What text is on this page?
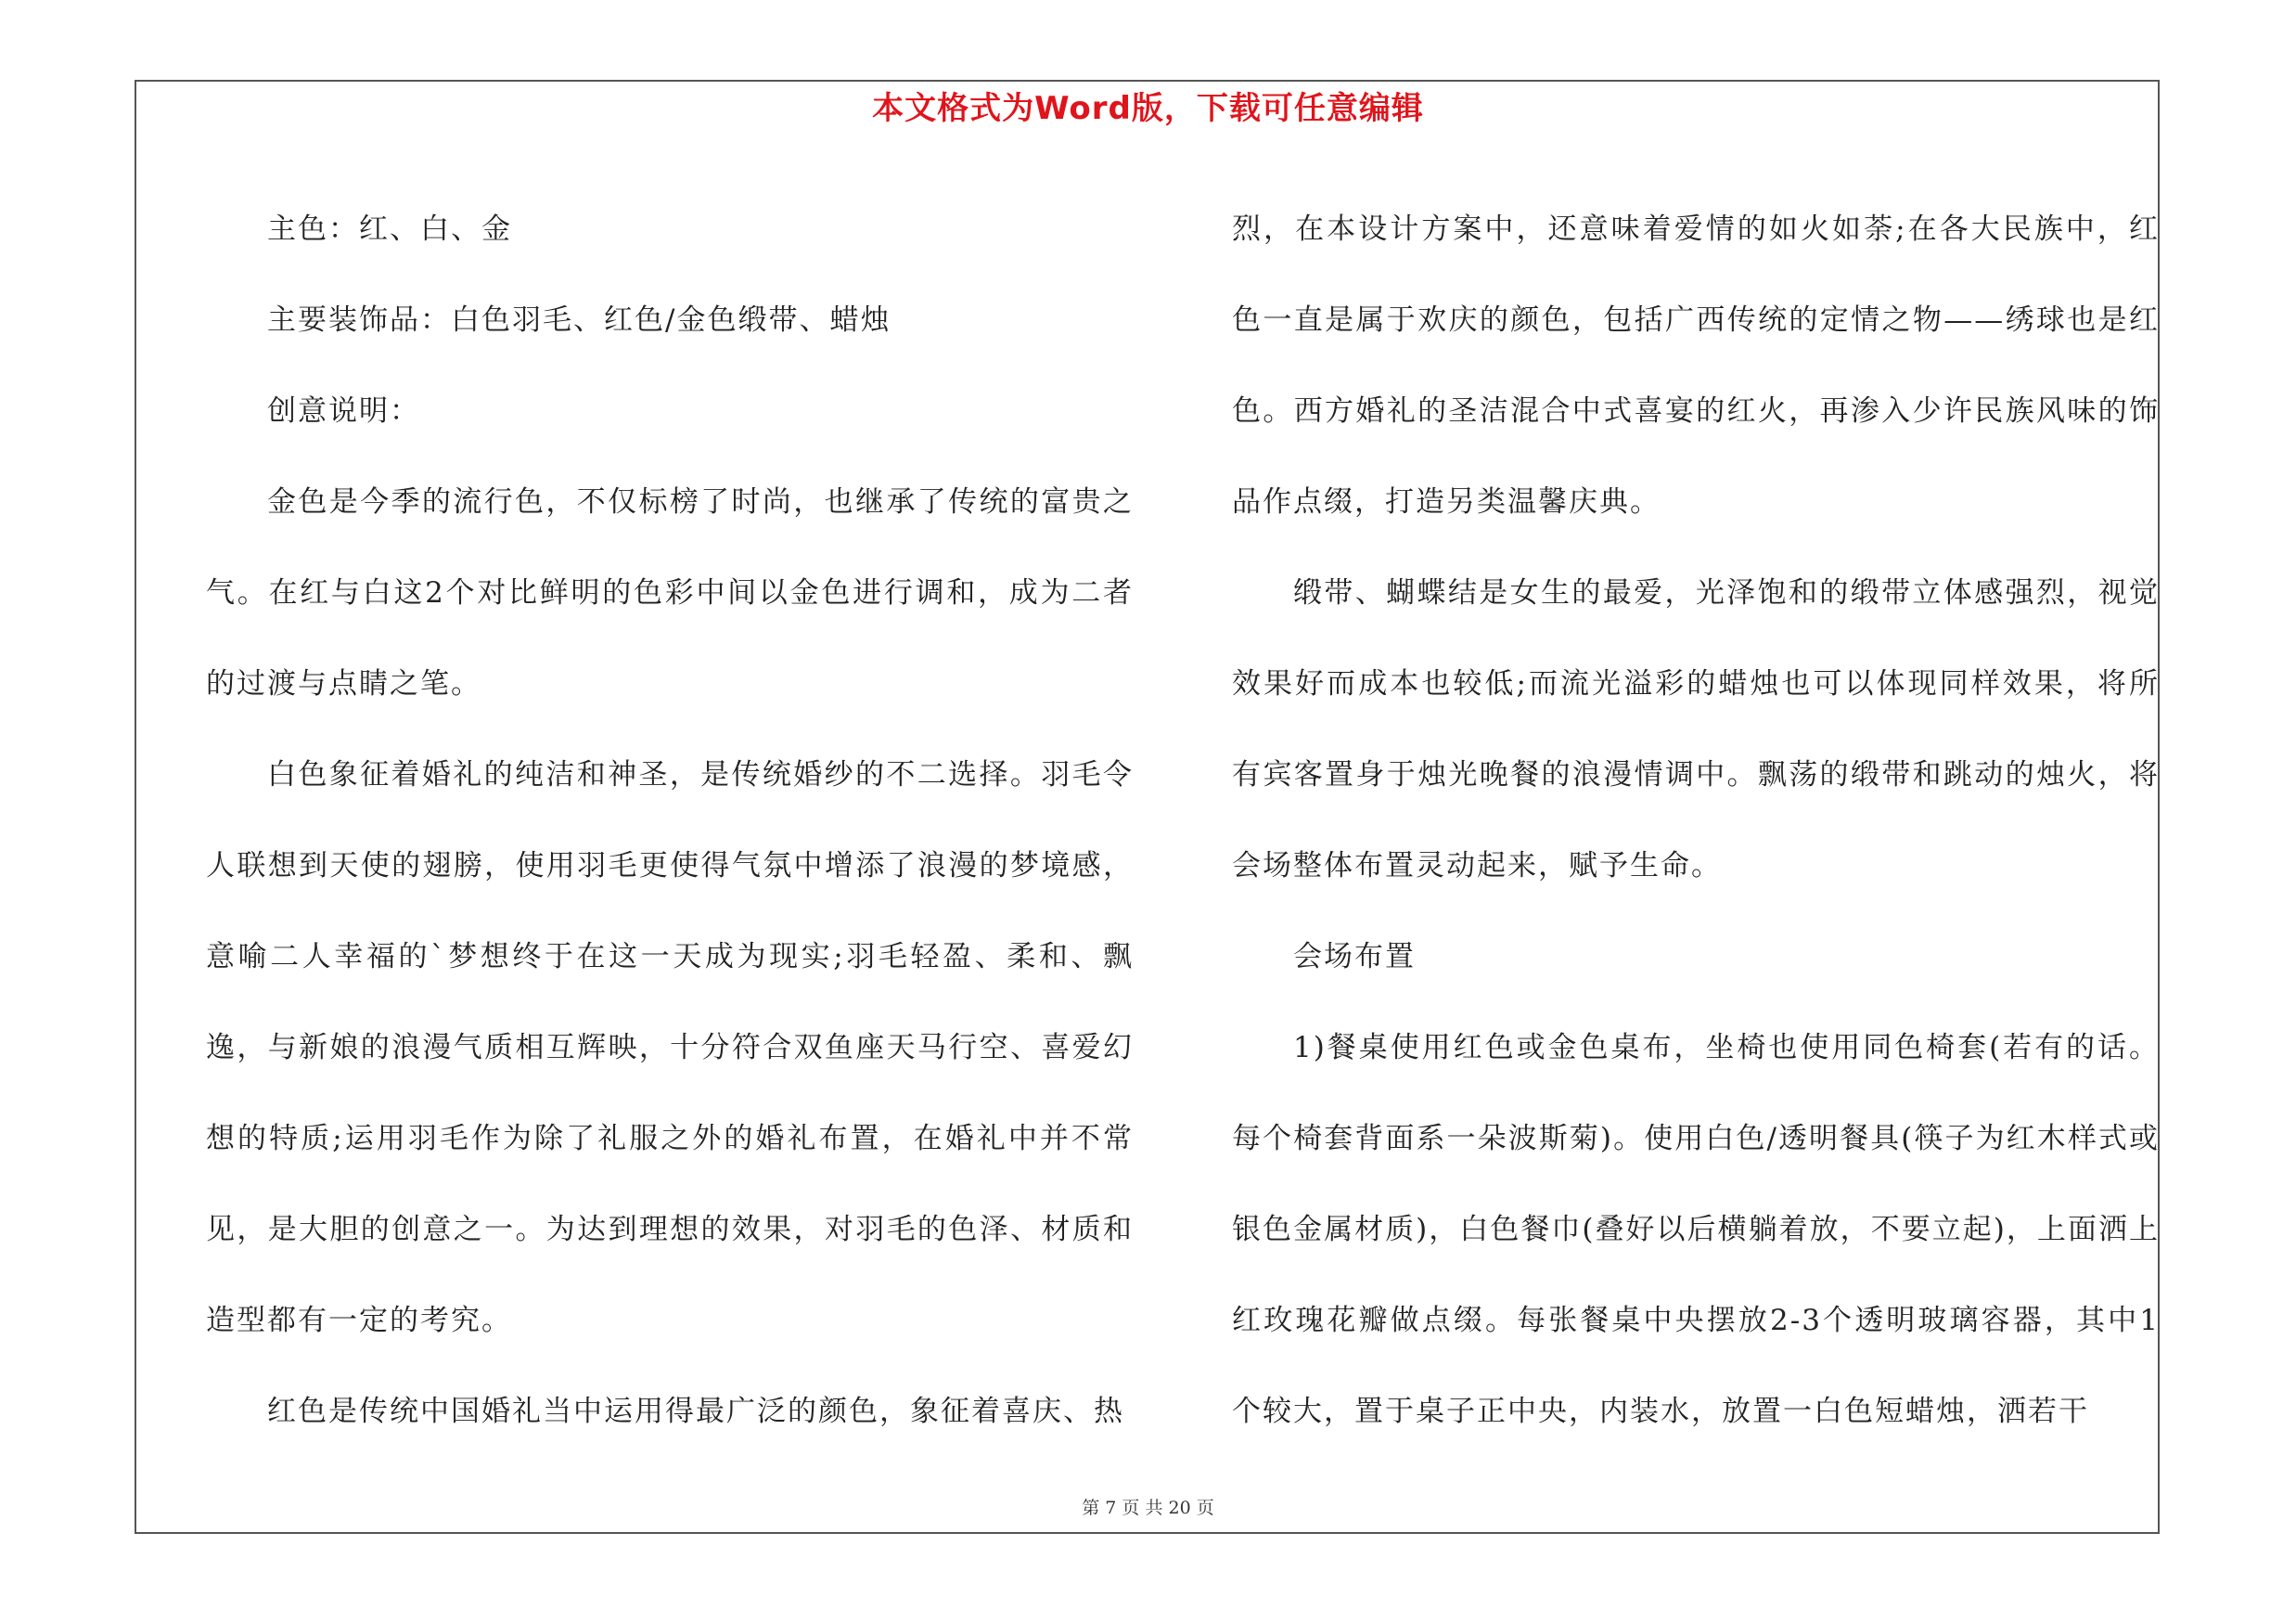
本文格式为Word版，下载可任意编辑

主色：红、白、金

主要装饰品：白色羽毛、红色/金色缎带、蜡烛

创意说明：

金色是今季的流行色，不仅标榜了时尚，也继承了传统的富贵之气。在红与白这2个对比鲜明的色彩中间以金色进行调和，成为二者的过渡与点睛之笔。

白色象征着婚礼的纯洁和神圣，是传统婚纱的不二选择。羽毛令人联想到天使的翅膀，使用羽毛更使得气氛中增添了浪漫的梦境感，意喻二人幸福的`梦想终于在这一天成为现实;羽毛轻盈、柔和、飘逸，与新娘的浪漫气质相互辉映，十分符合双鱼座天马行空、喜爱幻想的特质;运用羽毛作为除了礼服之外的婚礼布置，在婚礼中并不常见，是大胆的创意之一。为达到理想的效果，对羽毛的色泽、材质和造型都有一定的考究。

红色是传统中国婚礼当中运用得最广泛的颜色，象征着喜庆、热

烈，在本设计方案中，还意味着爱情的如火如荼;在各大民族中，红色一直是属于欢庆的颜色，包括广西传统的定情之物——绣球也是红色。西方婚礼的圣洁混合中式喜宴的红火，再渗入少许民族风味的饰品作点缀，打造另类温馨庆典。

缎带、蝴蝶结是女生的最爱，光泽饱和的缎带立体感强烈，视觉效果好而成本也较低;而流光溢彩的蜡烛也可以体现同样效果，将所有宾客置身于烛光晚餐的浪漫情调中。飘荡的缎带和跳动的烛火，将会场整体布置灵动起来，赋予生命。

会场布置

1)餐桌使用红色或金色桌布，坐椅也使用同色椅套(若有的话。每个椅套背面系一朵波斯菊)。使用白色/透明餐具(筷子为红木样式或银色金属材质)，白色餐巾(叠好以后横躺着放，不要立起)，上面洒上红玫瑰花瓣做点缀。每张餐桌中央摆放2-3个透明玻璃容器，其中1个较大，置于桌子正中央，内装水，放置一白色短蜡烛，洒若干

第 7 页 共 20 页
